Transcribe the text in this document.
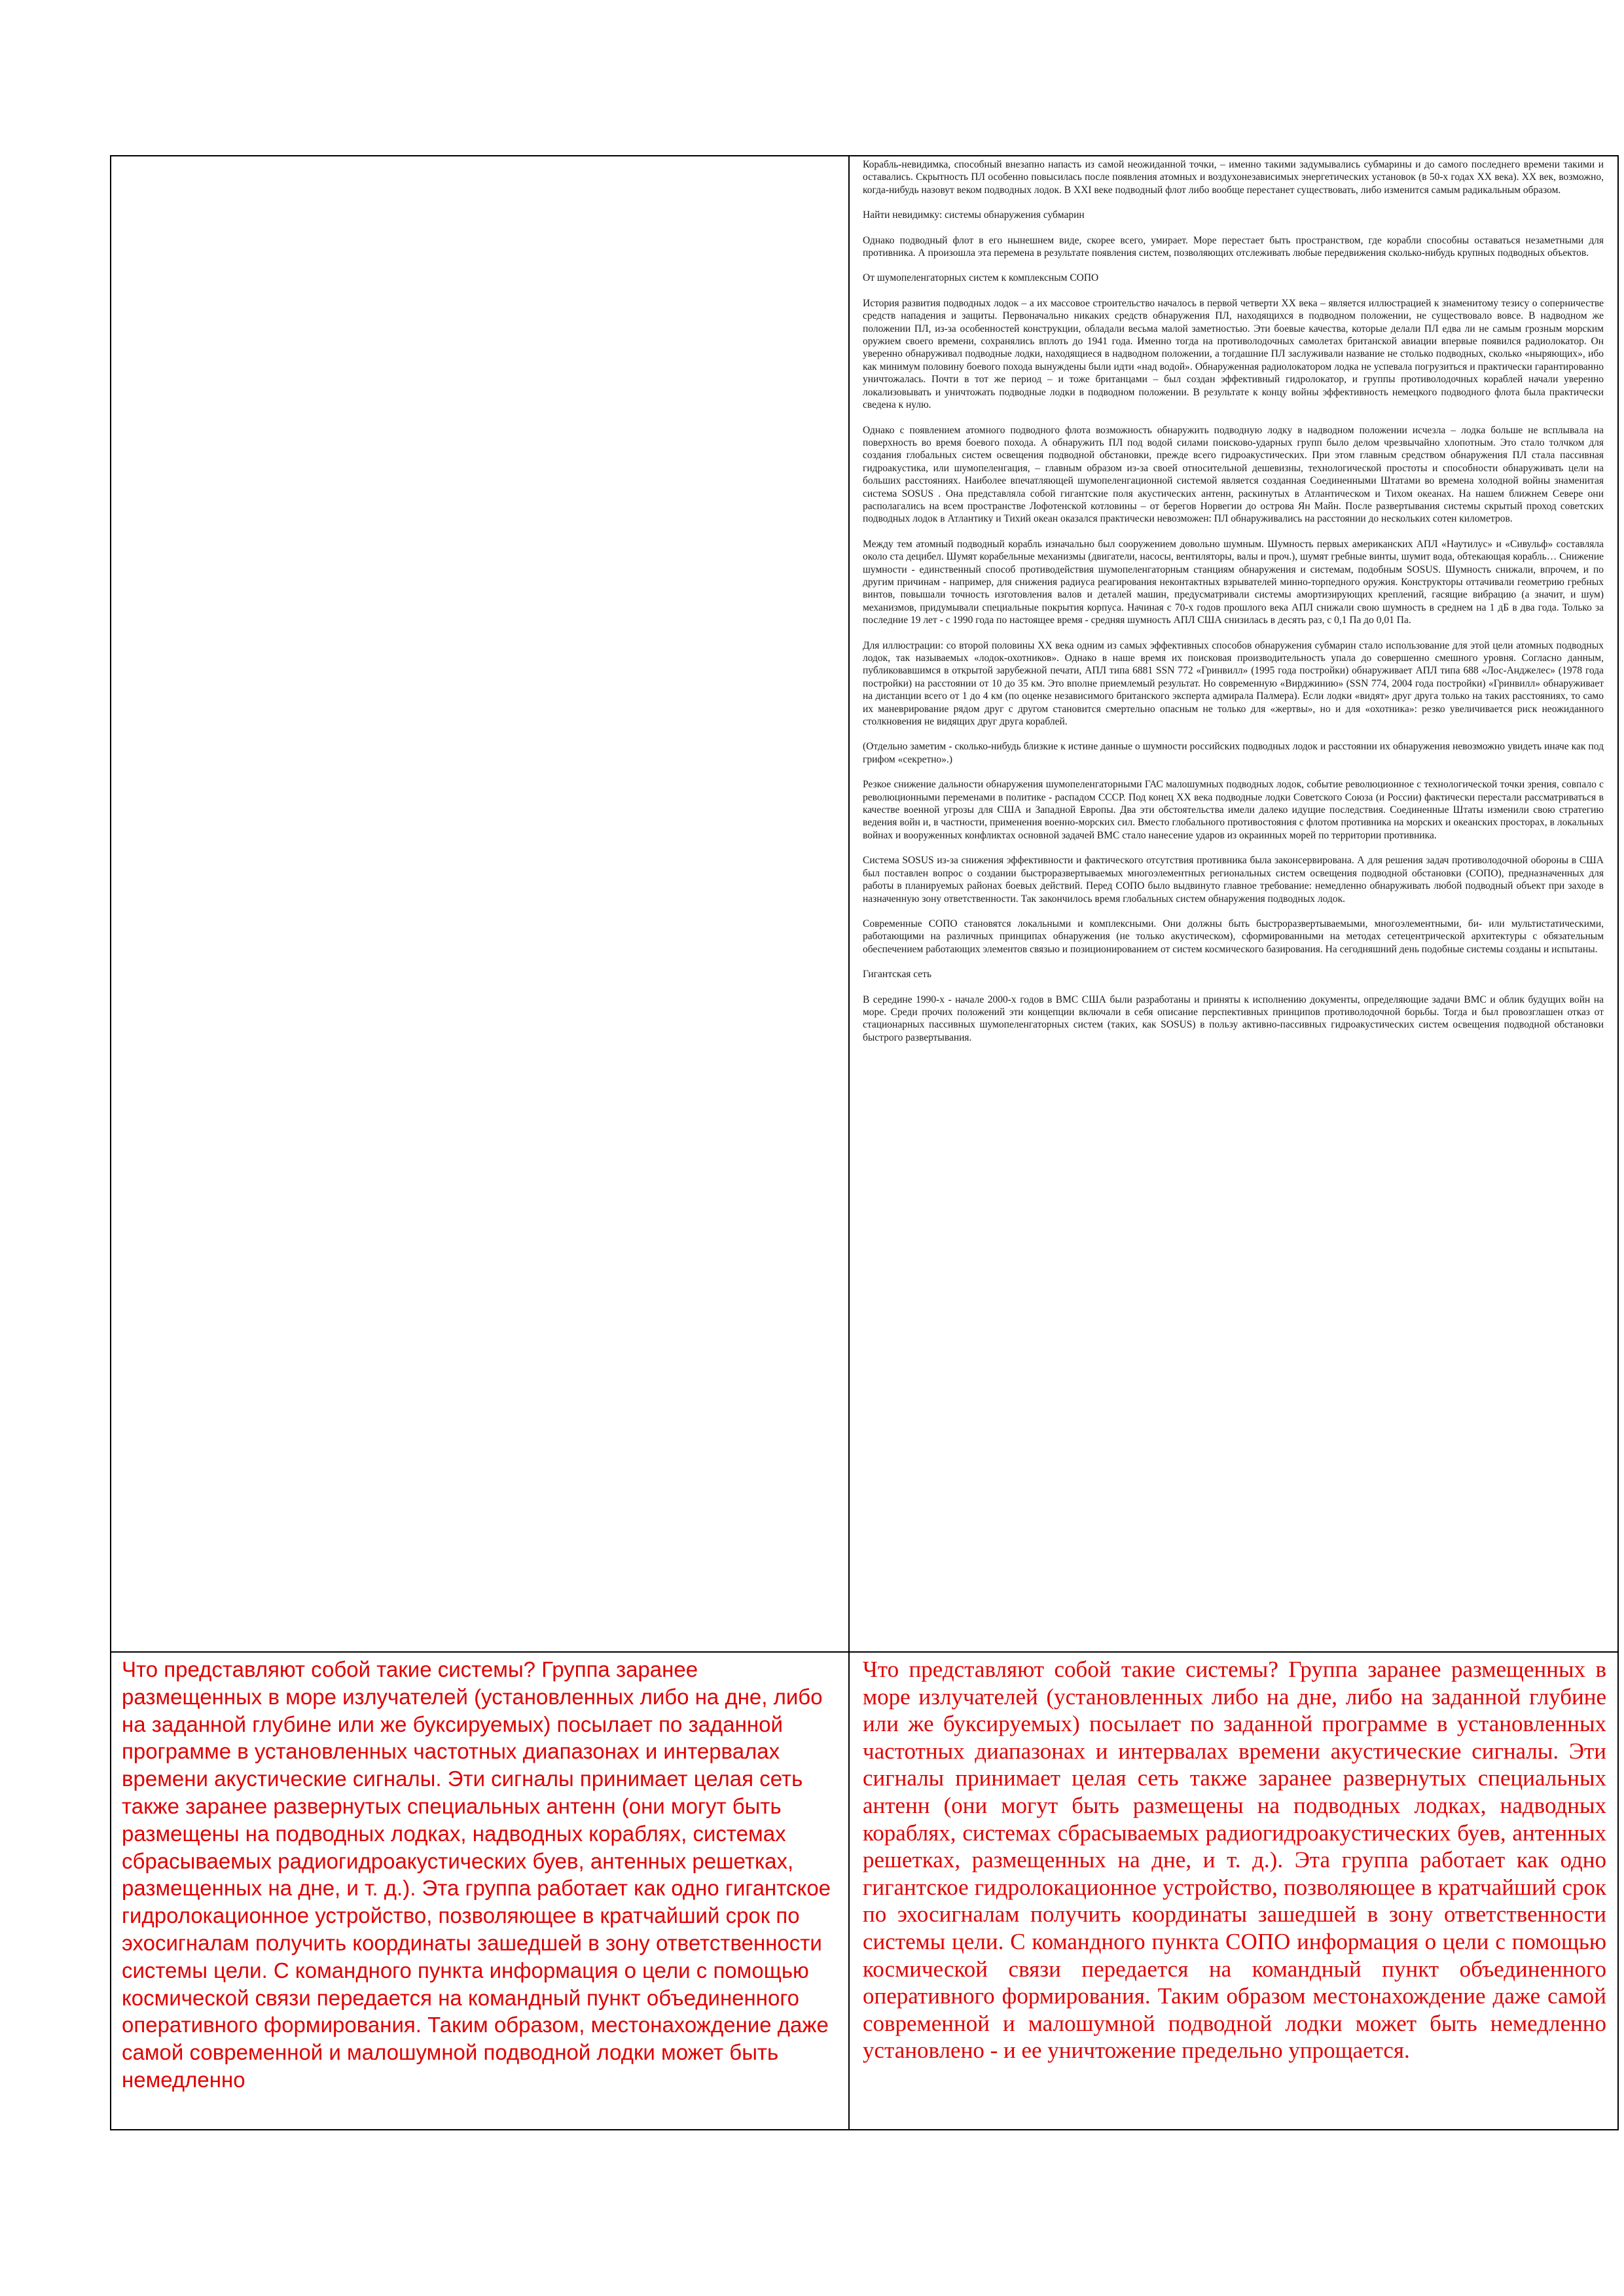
Корабль-невидимка, способный внезапно напасть из самой неожиданной точки, – именно такими задумывались субмарины и до самого последнего времени такими и оставались. Скрытность ПЛ особенно повысилась после появления атомных и воздухонезависимых энергетических установок (в 50-х годах XX века). XX век, возможно, когда-нибудь назовут веком подводных лодок. В XXI веке подводный флот либо вообще перестанет существовать, либо изменится самым радикальным образом.

Найти невидимку: системы обнаружения субмарин

Однако подводный флот в его нынешнем виде, скорее всего, умирает. Море перестает быть пространством, где корабли способны оставаться незаметными для противника. А произошла эта перемена в результате появления систем, позволяющих отслеживать любые передвижения сколько-нибудь крупных подводных объектов.

От шумопеленгаторных систем к комплексным СОПО

История развития подводных лодок – а их массовое строительство началось в первой четверти XX века – является иллюстрацией к знаменитому тезису о соперничестве средств нападения и защиты. Первоначально никаких средств обнаружения ПЛ, находящихся в подводном положении, не существовало вовсе. В надводном же положении ПЛ, из-за особенностей конструкции, обладали весьма малой заметностью. Эти боевые качества, которые делали ПЛ едва ли не самым грозным морским оружием своего времени, сохранялись вплоть до 1941 года. Именно тогда на противолодочных самолетах британской авиации впервые появился радиолокатор. Он уверенно обнаруживал подводные лодки, находящиеся в надводном положении, а тогдашние ПЛ заслуживали название не столько подводных, сколько «ныряющих», ибо как минимум половину боевого похода вынуждены были идти «над водой». Обнаруженная радиолокатором лодка не успевала погрузиться и практически гарантированно уничтожалась. Почти в тот же период – и тоже британцами – был создан эффективный гидролокатор, и группы противолодочных кораблей начали уверенно локализовывать и уничтожать подводные лодки в подводном положении. В результате к концу войны эффективность немецкого подводного флота была практически сведена к нулю.

Однако с появлением атомного подводного флота возможность обнаружить подводную лодку в надводном положении исчезла – лодка больше не всплывала на поверхность во время боевого похода. А обнаружить ПЛ под водой силами поисково-ударных групп было делом чрезвычайно хлопотным. Это стало толчком для создания глобальных систем освещения подводной обстановки, прежде всего гидроакустических. При этом главным средством обнаружения ПЛ стала пассивная гидроакустика, или шумопеленгация, – главным образом из-за своей относительной дешевизны, технологической простоты и способности обнаруживать цели на больших расстояниях. Наиболее впечатляющей шумопеленгационной системой является созданная Соединенными Штатами во времена холодной войны знаменитая система SOSUS . Она представляла собой гигантские поля акустических антенн, раскинутых в Атлантическом и Тихом океанах. На нашем ближнем Севере они располагались на всем пространстве Лофотенской котловины – от берегов Норвегии до острова Ян Майн. После развертывания системы скрытый проход советских подводных лодок в Атлантику и Тихий океан оказался практически невозможен: ПЛ обнаруживались на расстоянии до нескольких сотен километров.

Между тем атомный подводный корабль изначально был сооружением довольно шумным. Шумность первых американских АПЛ «Наутилус» и «Сивульф» составляла около ста децибел. Шумят корабельные механизмы (двигатели, насосы, вентиляторы, валы и проч.), шумят гребные винты, шумит вода, обтекающая корабль… Снижение шумности - единственный способ противодействия шумопеленгаторным станциям обнаружения и системам, подобным SOSUS. Шумность снижали, впрочем, и по другим причинам - например, для снижения радиуса реагирования неконтактных взрывателей минно-торпедного оружия. Конструкторы оттачивали геометрию гребных винтов, повышали точность изготовления валов и деталей машин, предусматривали системы амортизирующих креплений, гасящие вибрацию (а значит, и шум) механизмов, придумывали специальные покрытия корпуса. Начиная с 70-х годов прошлого века АПЛ снижали свою шумность в среднем на 1 дБ в два года. Только за последние 19 лет - с 1990 года по настоящее время - средняя шумность АПЛ США снизилась в десять раз, с 0,1 Па до 0,01 Па.

Для иллюстрации: со второй половины XX века одним из самых эффективных способов обнаружения субмарин стало использование для этой цели атомных подводных лодок, так называемых «лодок-охотников». Однако в наше время их поисковая производительность упала до совершенно смешного уровня. Согласно данным, публиковавшимся в открытой зарубежной печати, АПЛ типа 6881 SSN 772 «Гринвилл» (1995 года постройки) обнаруживает АПЛ типа 688 «Лос-Анджелес» (1978 года постройки) на расстоянии от 10 до 35 км. Это вполне приемлемый результат. Но современную «Вирджинию» (SSN 774, 2004 года постройки) «Гринвилл» обнаруживает на дистанции всего от 1 до 4 км (по оценке независимого британского эксперта адмирала Палмера). Если лодки «видят» друг друга только на таких расстояниях, то само их маневрирование рядом друг с другом становится смертельно опасным не только для «жертвы», но и для «охотника»: резко увеличивается риск неожиданного столкновения не видящих друг друга кораблей.

(Отдельно заметим - сколько-нибудь близкие к истине данные о шумности российских подводных лодок и расстоянии их обнаружения невозможно увидеть иначе как под грифом «секретно».)

Резкое снижение дальности обнаружения шумопеленгаторными ГАС малошумных подводных лодок, событие революционное с технологической точки зрения, совпало с революционными переменами в политике - распадом СССР. Под конец XX века подводные лодки Советского Союза (и России) фактически перестали рассматриваться в качестве военной угрозы для США и Западной Европы. Два эти обстоятельства имели далеко идущие последствия. Соединенные Штаты изменили свою стратегию ведения войн и, в частности, применения военно-морских сил. Вместо глобального противостояния с флотом противника на морских и океанских просторах, в локальных войнах и вооруженных конфликтах основной задачей ВМС стало нанесение ударов из окраинных морей по территории противника.

Система SOSUS из-за снижения эффективности и фактического отсутствия противника была законсервирована. А для решения задач противолодочной обороны в США был поставлен вопрос о создании быстроразвертываемых многоэлементных региональных систем освещения подводной обстановки (СОПО), предназначенных для работы в планируемых районах боевых действий. Перед СОПО было выдвинуто главное требование: немедленно обнаруживать любой подводный объект при заходе в назначенную зону ответственности. Так закончилось время глобальных систем обнаружения подводных лодок.

Современные СОПО становятся локальными и комплексными. Они должны быть быстроразвертываемыми, многоэлементными, би- или мультистатическими, работающими на различных принципах обнаружения (не только акустическом), сформированными на методах сетецентрической архитектуры с обязательным обеспечением работающих элементов связью и позиционированием от систем космического базирования. На сегодняшний день подобные системы созданы и испытаны.

Гигантская сеть

В середине 1990-х - начале 2000-х годов в ВМС США были разработаны и приняты к исполнению документы, определяющие задачи ВМС и облик будущих войн на море. Среди прочих положений эти концепции включали в себя описание перспективных принципов противолодочной борьбы. Тогда и был провозглашен отказ от стационарных пассивных шумопеленгаторных систем (таких, как SOSUS) в пользу активно-пассивных гидроакустических систем освещения подводной обстановки быстрого развертывания.

Что представляют собой такие системы? Группа заранее размещенных в море излучателей (установленных либо на дне, либо на заданной глубине или же буксируемых) посылает по заданной программе в установленных частотных диапазонах и интервалах времени акустические сигналы. Эти сигналы принимает целая сеть также заранее развернутых специальных антенн (они могут быть размещены на подводных лодках, надводных кораблях, системах сбрасываемых радиогидроакустических буев, антенных решетках, размещенных на дне, и т. д.). Эта группа работает как одно гигантское гидролокационное устройство, позволяющее в кратчайший срок по эхосигналам получить координаты зашедшей в зону ответственности системы цели. С командного пункта информация о цели с помощью космической связи передается на командный пункт объединенного оперативного формирования. Таким образом, местонахождение даже самой современной и малошумной подводной лодки может быть немедленно
Что представляют собой такие системы? Группа заранее размещенных в море излучателей (установленных либо на дне, либо на заданной глубине или же буксируемых) посылает по заданной программе в установленных частотных диапазонах и интервалах времени акустические сигналы. Эти сигналы принимает целая сеть также заранее развернутых специальных антенн (они могут быть размещены на подводных лодках, надводных кораблях, системах сбрасываемых радиогидроакустических буев, антенных решетках, размещенных на дне, и т. д.). Эта группа работает как одно гигантское гидролокационное устройство, позволяющее в кратчайший срок по эхосигналам получить координаты зашедшей в зону ответственности системы цели. С командного пункта СОПО информация о цели с помощью космической связи передается на командный пункт объединенного оперативного формирования. Таким образом местонахождение даже самой современной и малошумной подводной лодки может быть немедленно установлено - и ее уничтожение предельно упрощается.
